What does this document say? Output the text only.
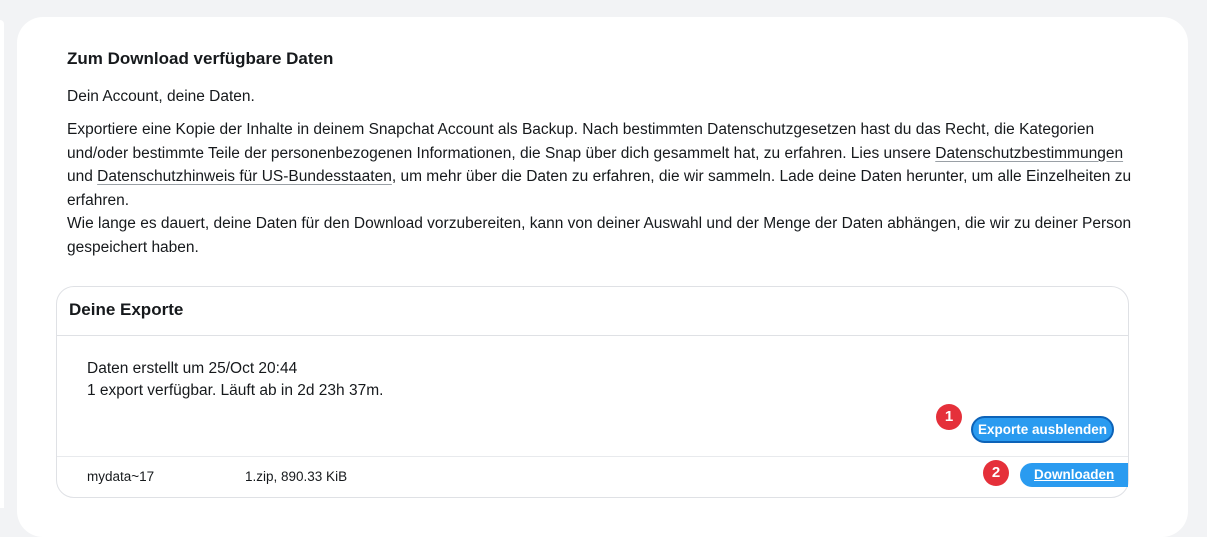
Zum Download verfügbare Daten

Dein Account, deine Daten.

Exportiere eine Kopie der Inhalte in deinem Snapchat Account als Backup. Nach bestimmten Datenschutzgesetzen hast du das Recht, die Kategorien und/oder bestimmte Teile der personenbezogenen Informationen, die Snap über dich gesammelt hat, zu erfahren. Lies unsere Datenschutzbestimmungen und Datenschutzhinweis für US-Bundesstaaten, um mehr über die Daten zu erfahren, die wir sammeln. Lade deine Daten herunter, um alle Einzelheiten zu erfahren.
Wie lange es dauert, deine Daten für den Download vorzubereiten, kann von deiner Auswahl und der Menge der Daten abhängen, die wir zu deiner Person gespeichert haben.
Deine Exporte
Daten erstellt um 25/Oct 20:44
1 export verfügbar. Läuft ab in 2d 23h 37m.
1
Exporte ausblenden
mydata~17	1.zip, 890.33 KiB	2	Downloaden
